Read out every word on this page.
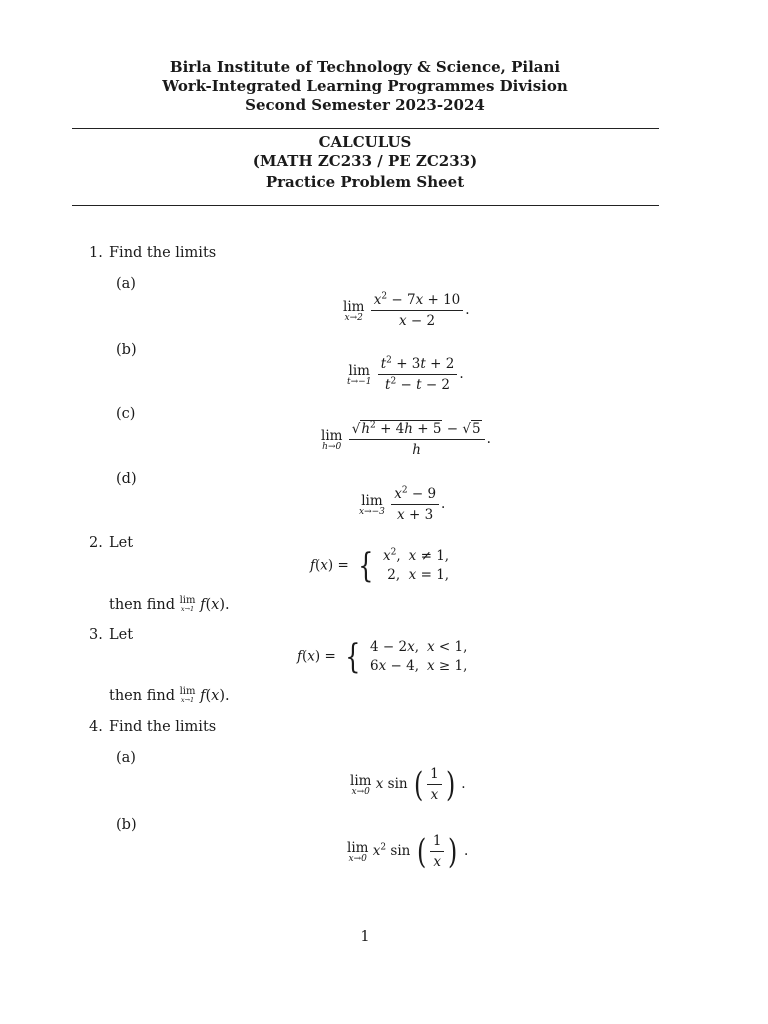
Birla Institute of Technology & Science, Pilani
Work-Integrated Learning Programmes Division
Second Semester 2023-2024
CALCULUS
(MATH ZC233 / PE ZC233)
Practice Problem Sheet
1. Find the limits
(a)
lim
x→2
$\frac{x^2 - 7x + 10}{x - 2}$ .
(b)
lim
t→−1
$\frac{t^2 + 3t + 2}{t^2 - t - 2}$ .
(c)
lim
h→0
$\frac{√h^2 + 4h + 5 - √5}{h}$ .
(d)
lim
x→−3
$\frac{x^2 - 9}{x + 3}$ .
2. Let
f(x) = { $x^2$,	x ≠ 1,
2,	x = 1,
then find lim
x→1 f(x).
3. Let
f(x) = { 4 − 2x,	x < 1,
6x − 4,	x ≥ 1,
then find lim
x→1 f(x).
4. Find the limits
(a)
lim
x→0 x sin ( $\frac{1}{x}$ ) .
(b)
lim
x→0 $x^2$ sin ( $\frac{1}{x}$ ) .
1
